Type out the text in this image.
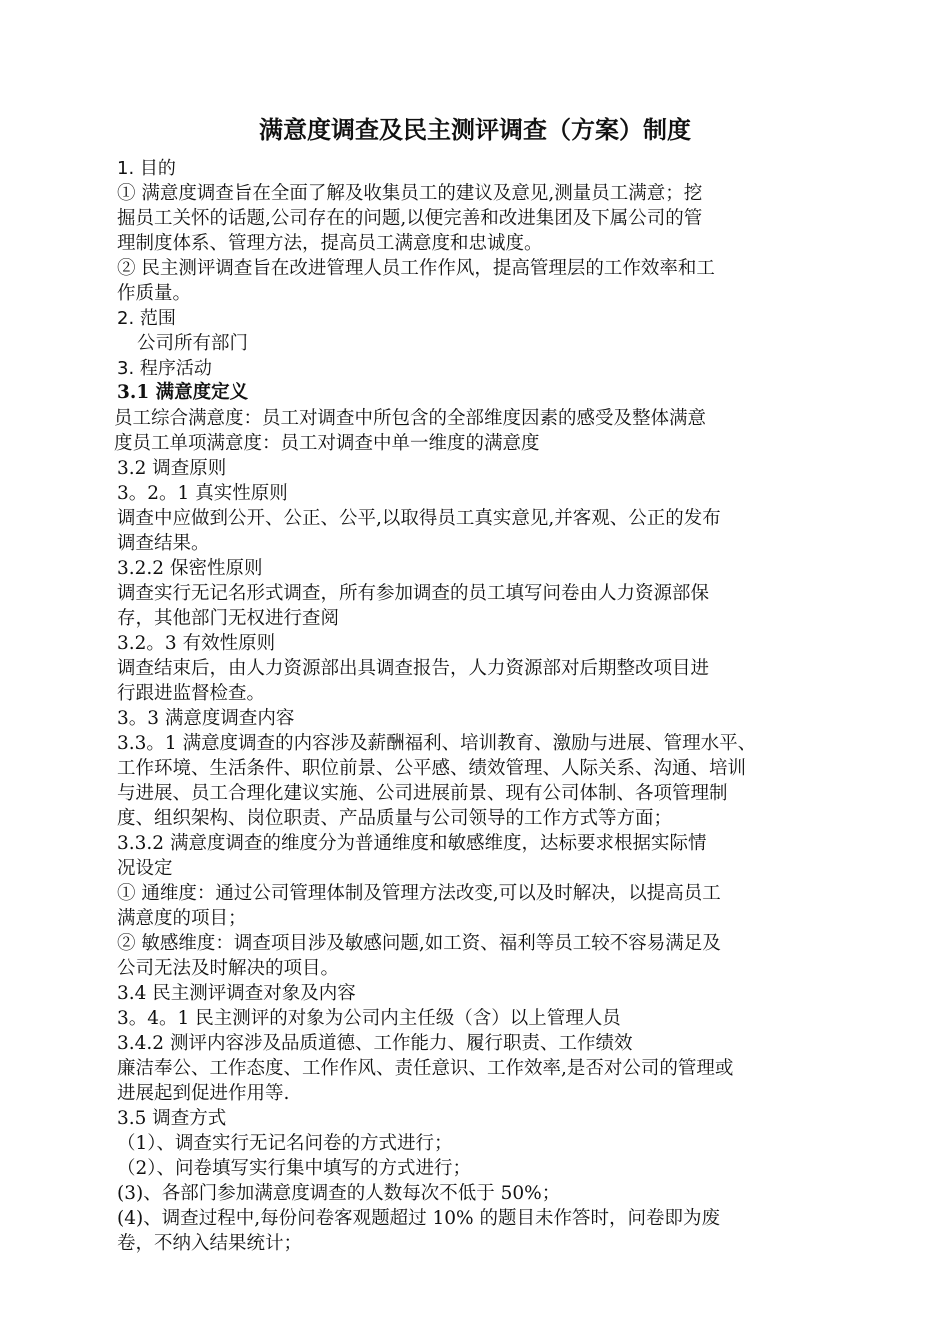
满意度调查及民主测评调查（方案）制度
1. 目的
① 满意度调查旨在全面了解及收集员工的建议及意见,测量员工满意；挖
掘员工关怀的话题,公司存在的问题,以便完善和改进集团及下属公司的管
理制度体系、管理方法，提高员工满意度和忠诚度。
② 民主测评调查旨在改进管理人员工作作风，提高管理层的工作效率和工
作质量。
2. 范围
公司所有部门
3. 程序活动
3.1 满意度定义
员工综合满意度：员工对调查中所包含的全部维度因素的感受及整体满意
度员工单项满意度：员工对调查中单一维度的满意度
3.2 调查原则
3。2。1 真实性原则
调查中应做到公开、公正、公平,以取得员工真实意见,并客观、公正的发布
调查结果。
3.2.2 保密性原则
调查实行无记名形式调查，所有参加调查的员工填写问卷由人力资源部保
存，其他部门无权进行查阅
3.2。3 有效性原则
调查结束后，由人力资源部出具调查报告，人力资源部对后期整改项目进
行跟进监督检查。
3。3 满意度调查内容
3.3。1 满意度调查的内容涉及薪酬福利、培训教育、激励与进展、管理水平、
工作环境、生活条件、职位前景、公平感、绩效管理、人际关系、沟通、培训
与进展、员工合理化建议实施、公司进展前景、现有公司体制、各项管理制
度、组织架构、岗位职责、产品质量与公司领导的工作方式等方面；
3.3.2 满意度调查的维度分为普通维度和敏感维度，达标要求根据实际情
况设定
① 通维度：通过公司管理体制及管理方法改变,可以及时解决，以提高员工
满意度的项目；
② 敏感维度：调查项目涉及敏感问题,如工资、福利等员工较不容易满足及
公司无法及时解决的项目。
3.4 民主测评调查对象及内容
3。4。1 民主测评的对象为公司内主任级（含）以上管理人员
3.4.2 测评内容涉及品质道德、工作能力、履行职责、工作绩效
廉洁奉公、工作态度、工作作风、责任意识、工作效率,是否对公司的管理或
进展起到促进作用等.
3.5 调查方式
（1）、调查实行无记名问卷的方式进行；
（2）、问卷填写实行集中填写的方式进行；
(3)、各部门参加满意度调查的人数每次不低于 50%；
(4)、调查过程中,每份问卷客观题超过 10% 的题目未作答时，问卷即为废
卷，不纳入结果统计；
